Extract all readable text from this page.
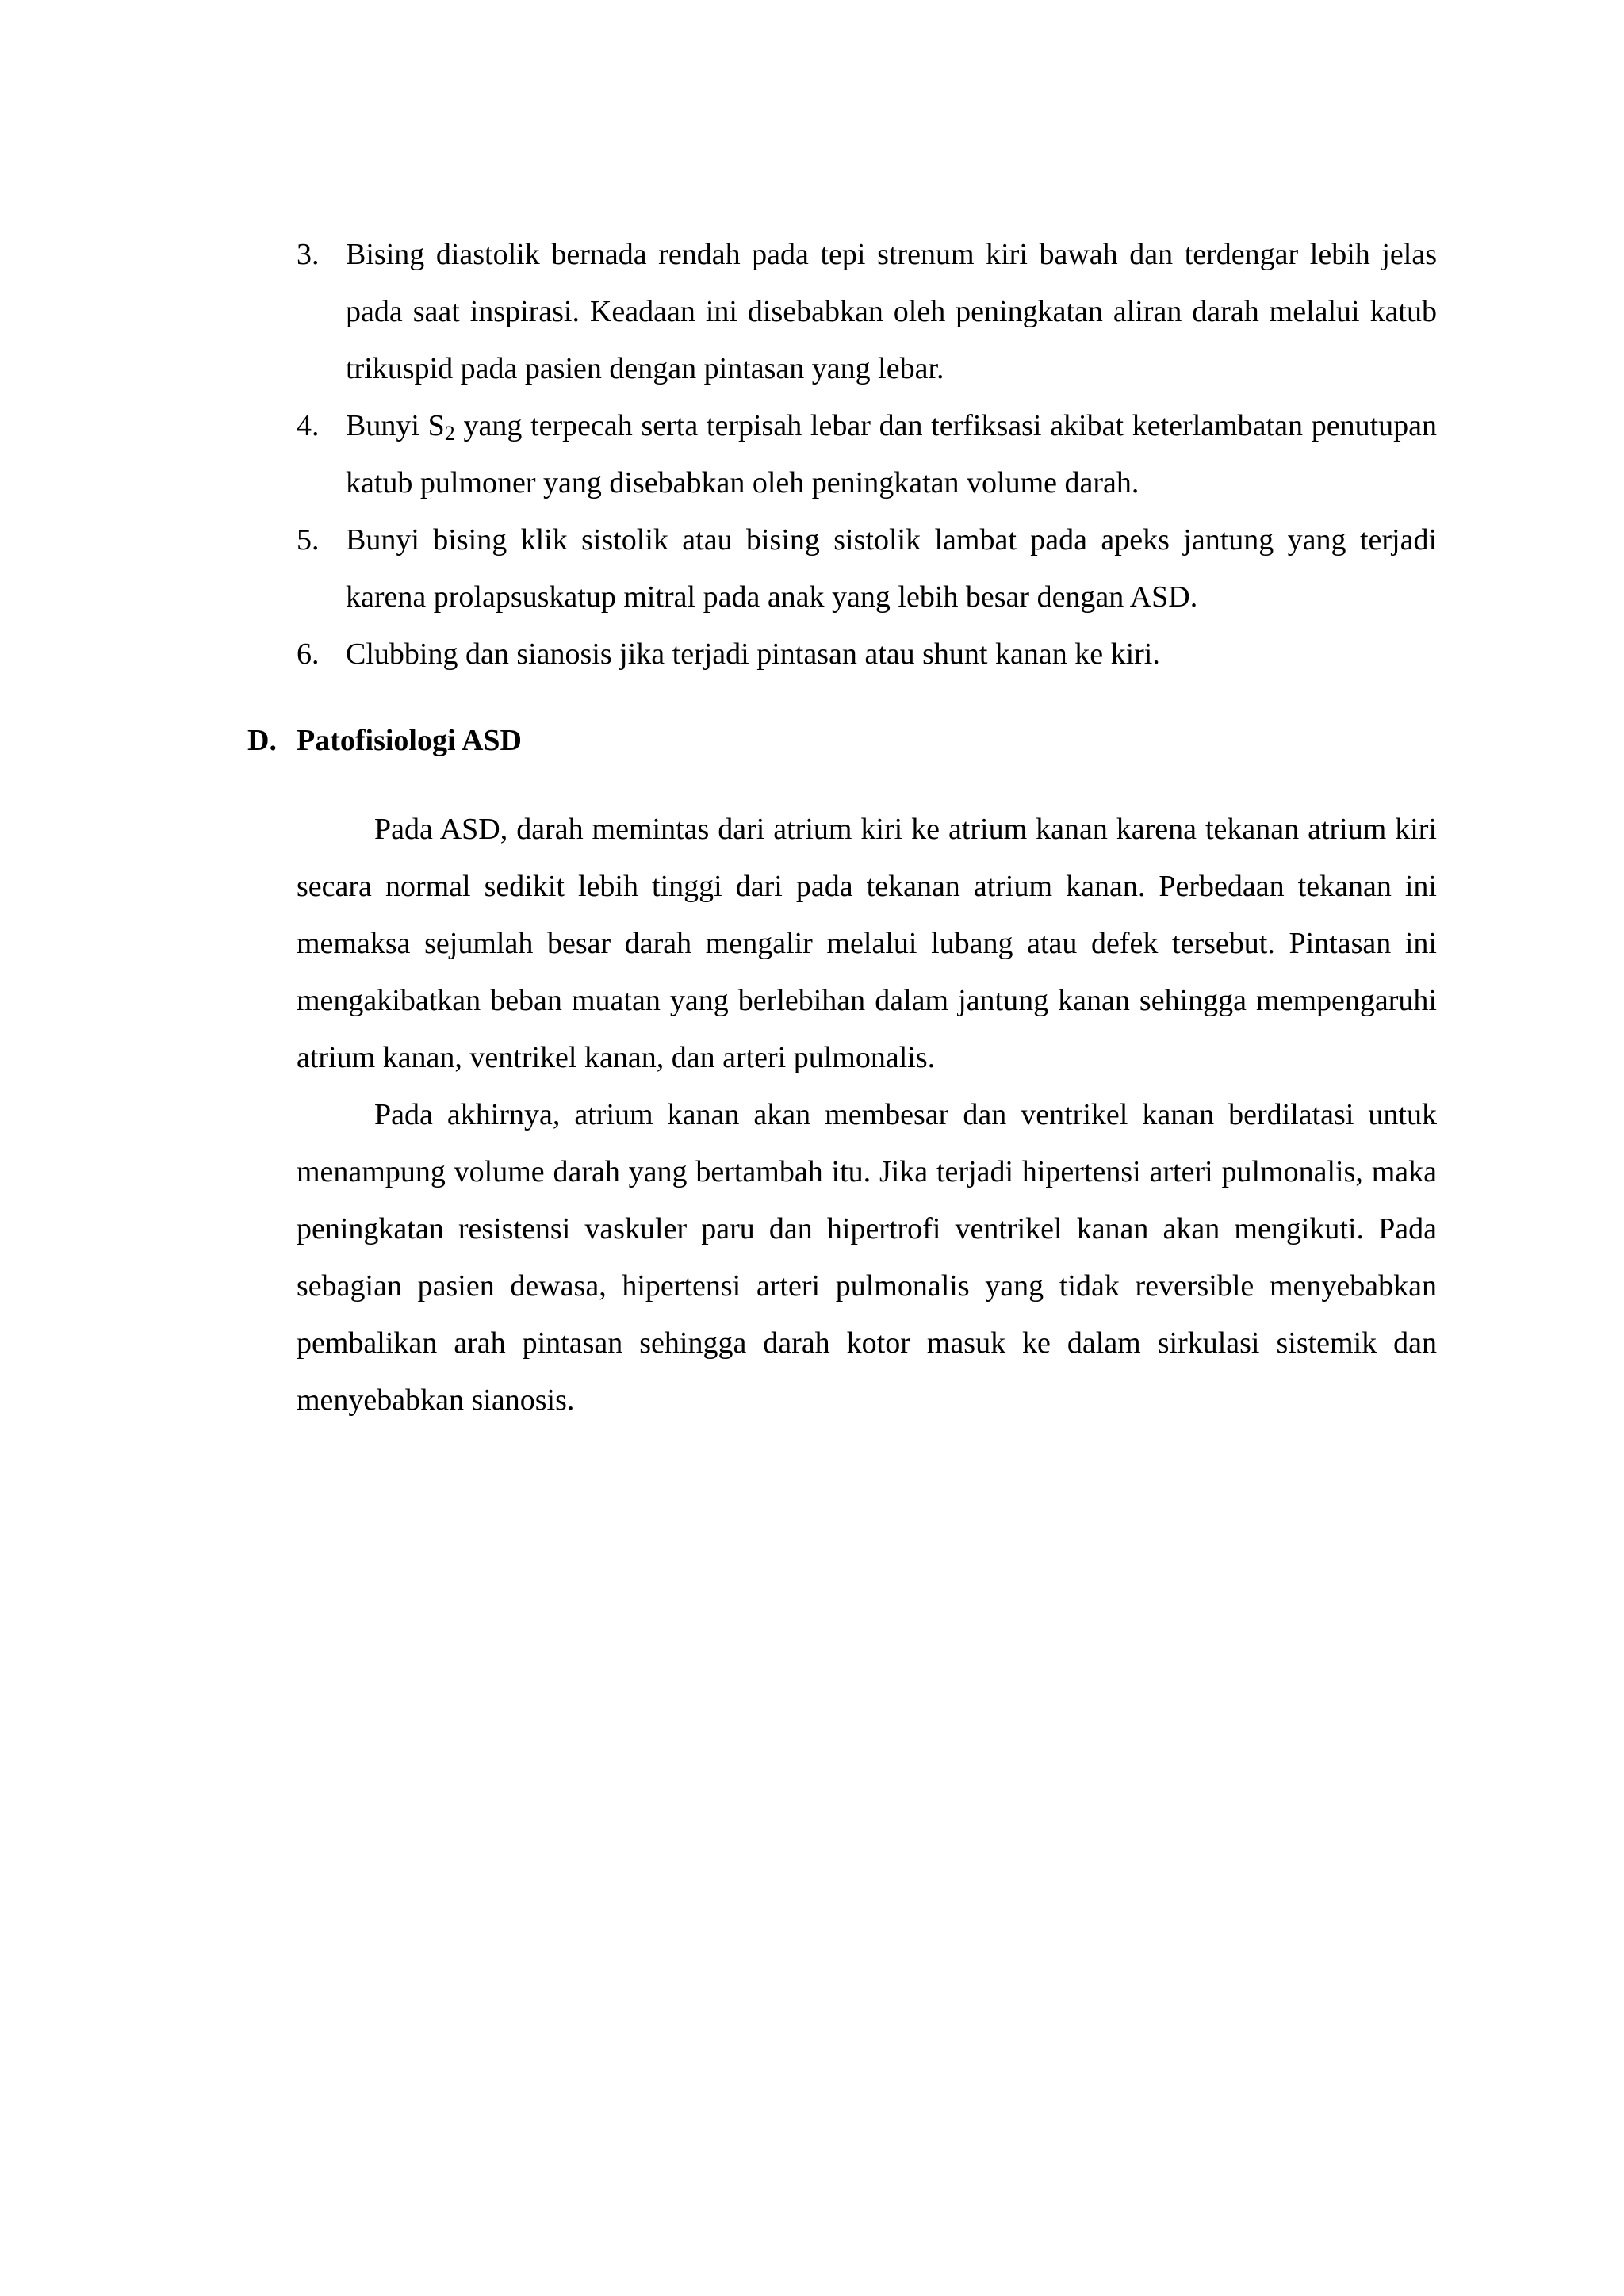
3. Bising diastolik bernada rendah pada tepi strenum kiri bawah dan terdengar lebih jelas pada saat inspirasi. Keadaan ini disebabkan oleh peningkatan aliran darah melalui katub trikuspid pada pasien dengan pintasan yang lebar.
4. Bunyi $S_2$ yang terpecah serta terpisah lebar dan terfiksasi akibat keterlambatan penutupan katub pulmoner yang disebabkan oleh peningkatan volume darah.
5. Bunyi bising klik sistolik atau bising sistolik lambat pada apeks jantung yang terjadi karena prolapsuskatup mitral pada anak yang lebih besar dengan ASD.
6. Clubbing dan sianosis jika terjadi pintasan atau shunt kanan ke kiri.
D. Patofisiologi ASD

Pada ASD, darah memintas dari atrium kiri ke atrium kanan karena tekanan atrium kiri secara normal sedikit lebih tinggi dari pada tekanan atrium kanan. Perbedaan tekanan ini memaksa sejumlah besar darah mengalir melalui lubang atau defek tersebut. Pintasan ini mengakibatkan beban muatan yang berlebihan dalam jantung kanan sehingga mempengaruhi atrium kanan, ventrikel kanan, dan arteri pulmonalis.

Pada akhirnya, atrium kanan akan membesar dan ventrikel kanan berdilatasi untuk menampung volume darah yang bertambah itu. Jika terjadi hipertensi arteri pulmonalis, maka peningkatan resistensi vaskuler paru dan hipertrofi ventrikel kanan akan mengikuti. Pada sebagian pasien dewasa, hipertensi arteri pulmonalis yang tidak reversible menyebabkan pembalikan arah pintasan sehingga darah kotor masuk ke dalam sirkulasi sistemik dan menyebabkan sianosis.
